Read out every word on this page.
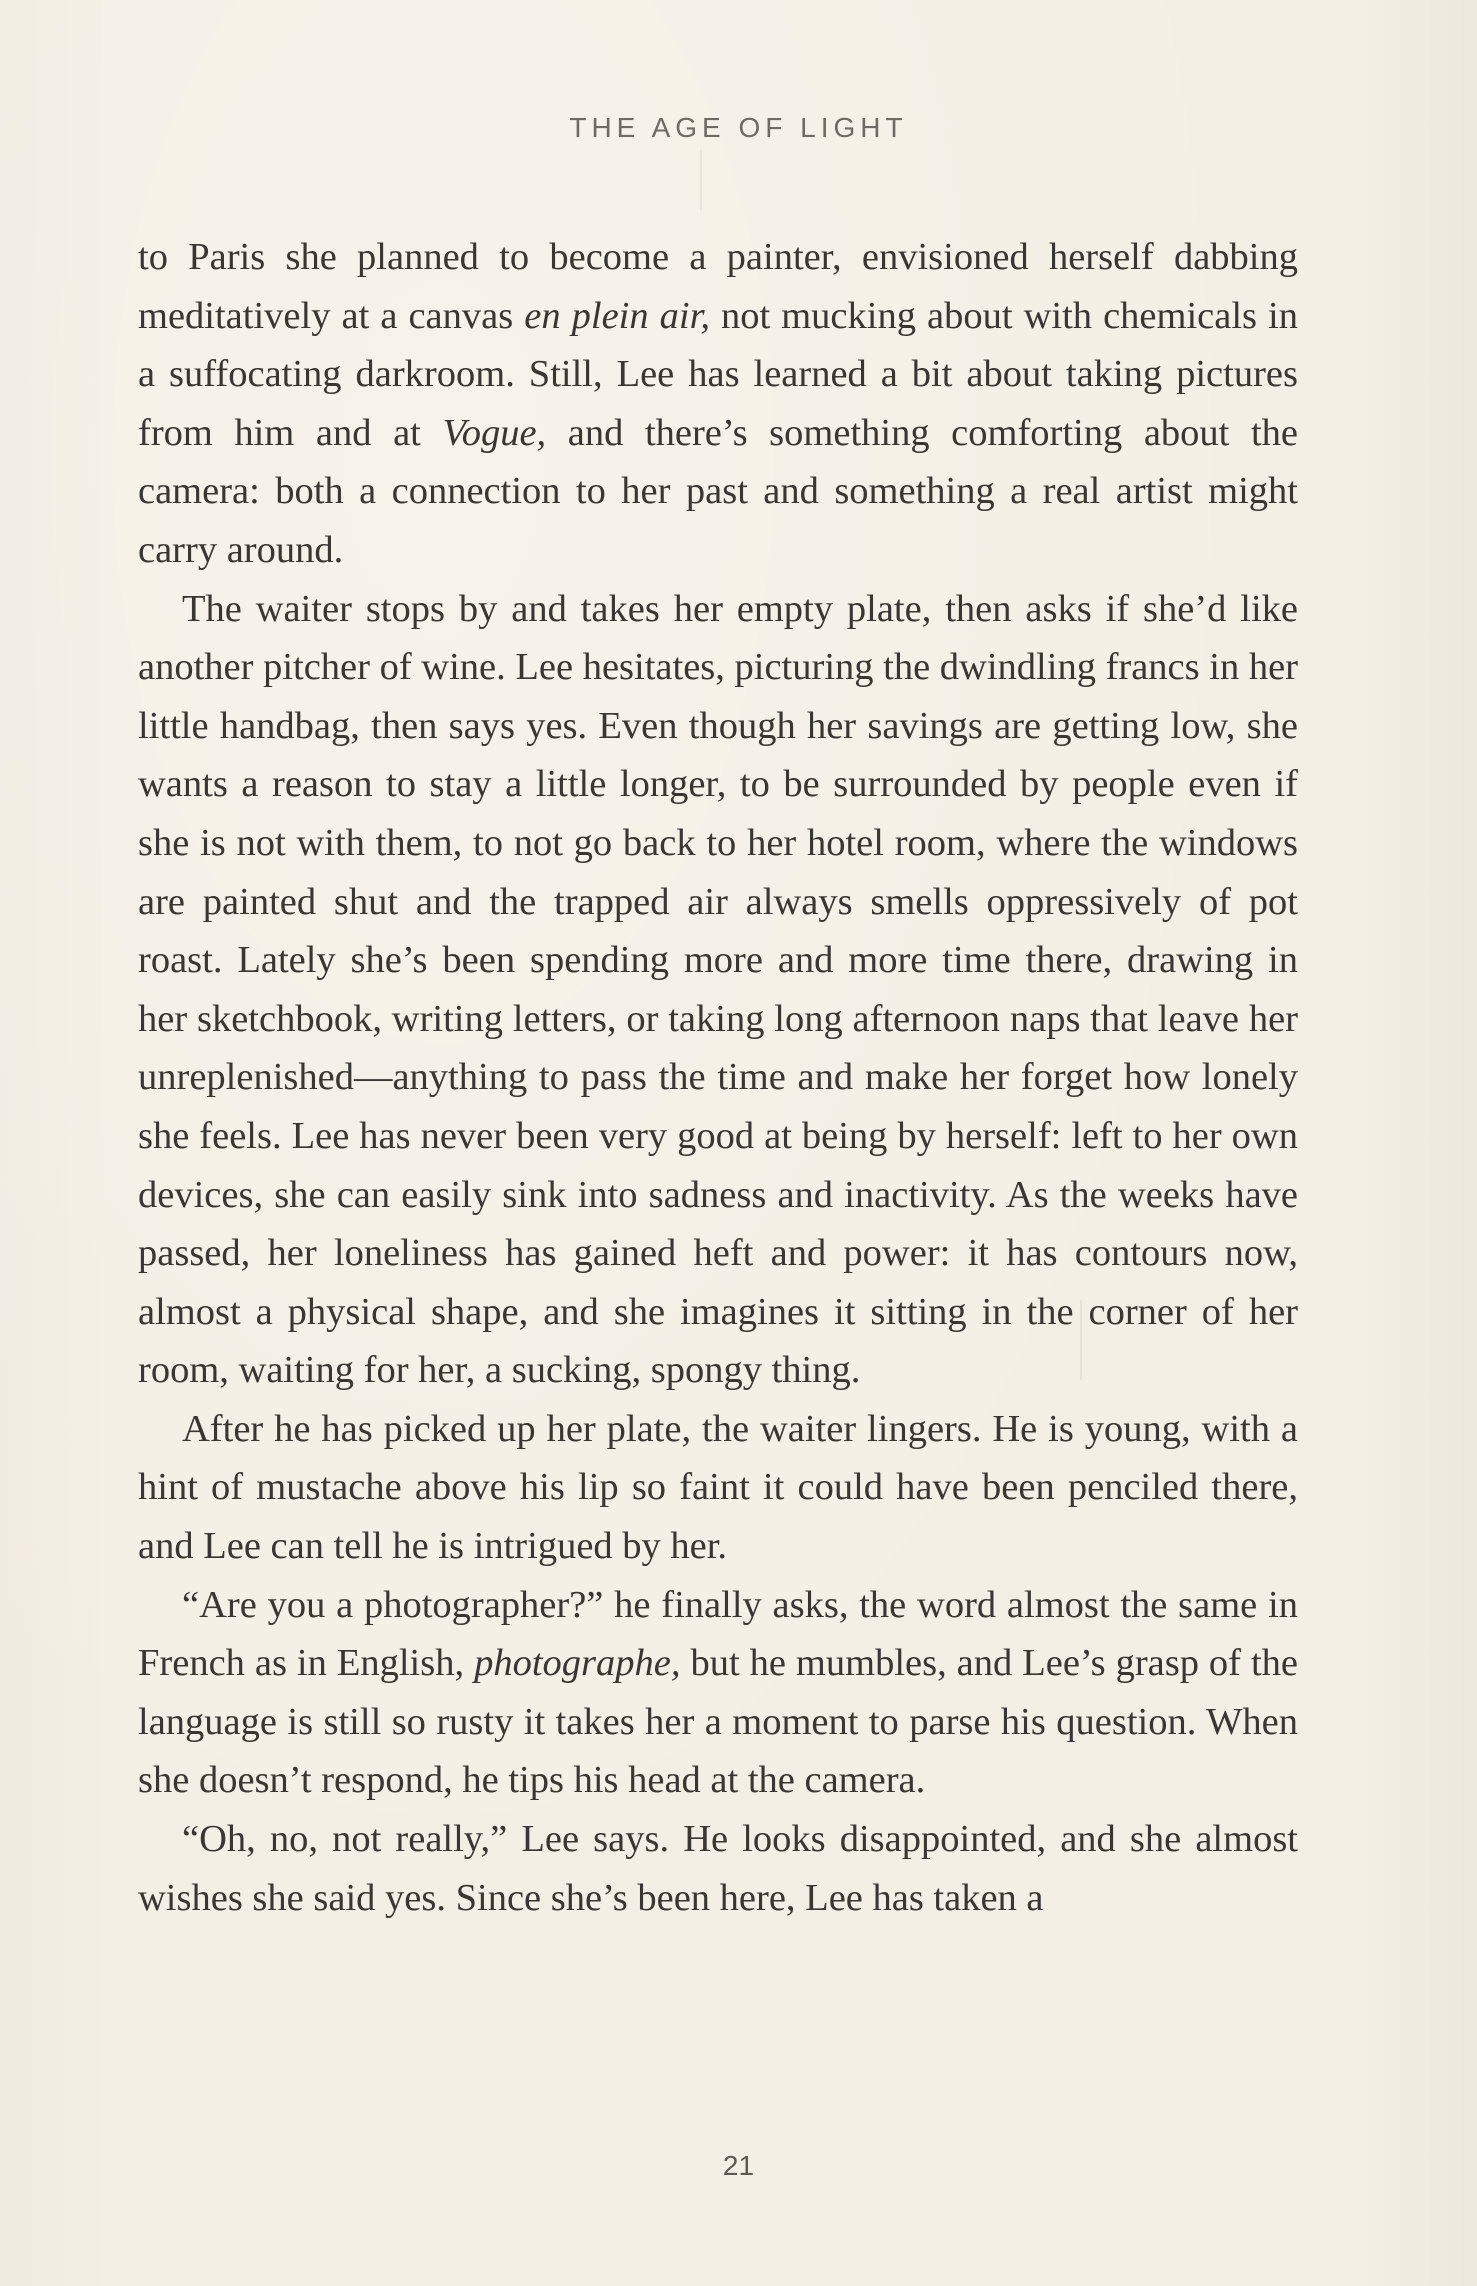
THE AGE OF LIGHT

to Paris she planned to become a painter, envisioned herself dabbing meditatively at a canvas en plein air, not mucking about with chemicals in a suffocating darkroom. Still, Lee has learned a bit about taking pictures from him and at Vogue, and there’s something comforting about the camera: both a connection to her past and something a real artist might carry around.

The waiter stops by and takes her empty plate, then asks if she’d like another pitcher of wine. Lee hesitates, picturing the dwindling francs in her little handbag, then says yes. Even though her savings are getting low, she wants a reason to stay a little longer, to be surrounded by people even if she is not with them, to not go back to her hotel room, where the windows are painted shut and the trapped air always smells oppressively of pot roast. Lately she’s been spending more and more time there, drawing in her sketchbook, writing letters, or taking long afternoon naps that leave her unreplenished—anything to pass the time and make her forget how lonely she feels. Lee has never been very good at being by herself: left to her own devices, she can easily sink into sadness and inactivity. As the weeks have passed, her loneliness has gained heft and power: it has contours now, almost a physical shape, and she imagines it sitting in the corner of her room, waiting for her, a sucking, spongy thing.

After he has picked up her plate, the waiter lingers. He is young, with a hint of mustache above his lip so faint it could have been penciled there, and Lee can tell he is intrigued by her.

“Are you a photographer?” he finally asks, the word almost the same in French as in English, photographe, but he mumbles, and Lee’s grasp of the language is still so rusty it takes her a moment to parse his question. When she doesn’t respond, he tips his head at the camera.

“Oh, no, not really,” Lee says. He looks disappointed, and she almost wishes she said yes. Since she’s been here, Lee has taken a

21
